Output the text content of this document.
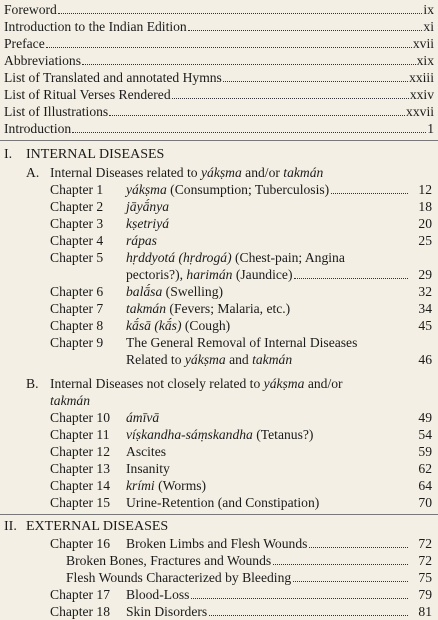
Foreword	ix
Introduction to the Indian Edition	xi
Preface	xvii
Abbreviations	xix
List of Translated and annotated Hymns	xxiii
List of Ritual Verses Rendered	xxiv
List of Illustrations	xxvii
Introduction	1
I. INTERNAL DISEASES
A. Internal Diseases related to yákṣma and/or takmán
Chapter 1	yákṣma (Consumption; Tuberculosis)	12
Chapter 2	jāyā́nya	18
Chapter 3	kṣetriyá	20
Chapter 4	rápas	25
Chapter 5	hṛddyotá (hṛdrogá) (Chest-pain; Angina
pectoris?), harimán (Jaundice)	29
Chapter 6	balā́sa (Swelling)	32
Chapter 7	takmán (Fevers; Malaria, etc.)	34
Chapter 8	kā́sā (kā́s) (Cough)	45
Chapter 9	The General Removal of Internal Diseases
Related to yákṣma and takmán	46
B. Internal Diseases not closely related to yákṣma and/or
takmán
Chapter 10	ámīvā	49
Chapter 11	víṣkandha-sáṃskandha (Tetanus?)	54
Chapter 12	Ascites	59
Chapter 13	Insanity	62
Chapter 14	krími (Worms)	64
Chapter 15	Urine-Retention (and Constipation)	70
II. EXTERNAL DISEASES
Chapter 16	Broken Limbs and Flesh Wounds	72
Broken Bones, Fractures and Wounds	72
Flesh Wounds Characterized by Bleeding	75
Chapter 17	Blood-Loss	79
Chapter 18	Skin Disorders	81
